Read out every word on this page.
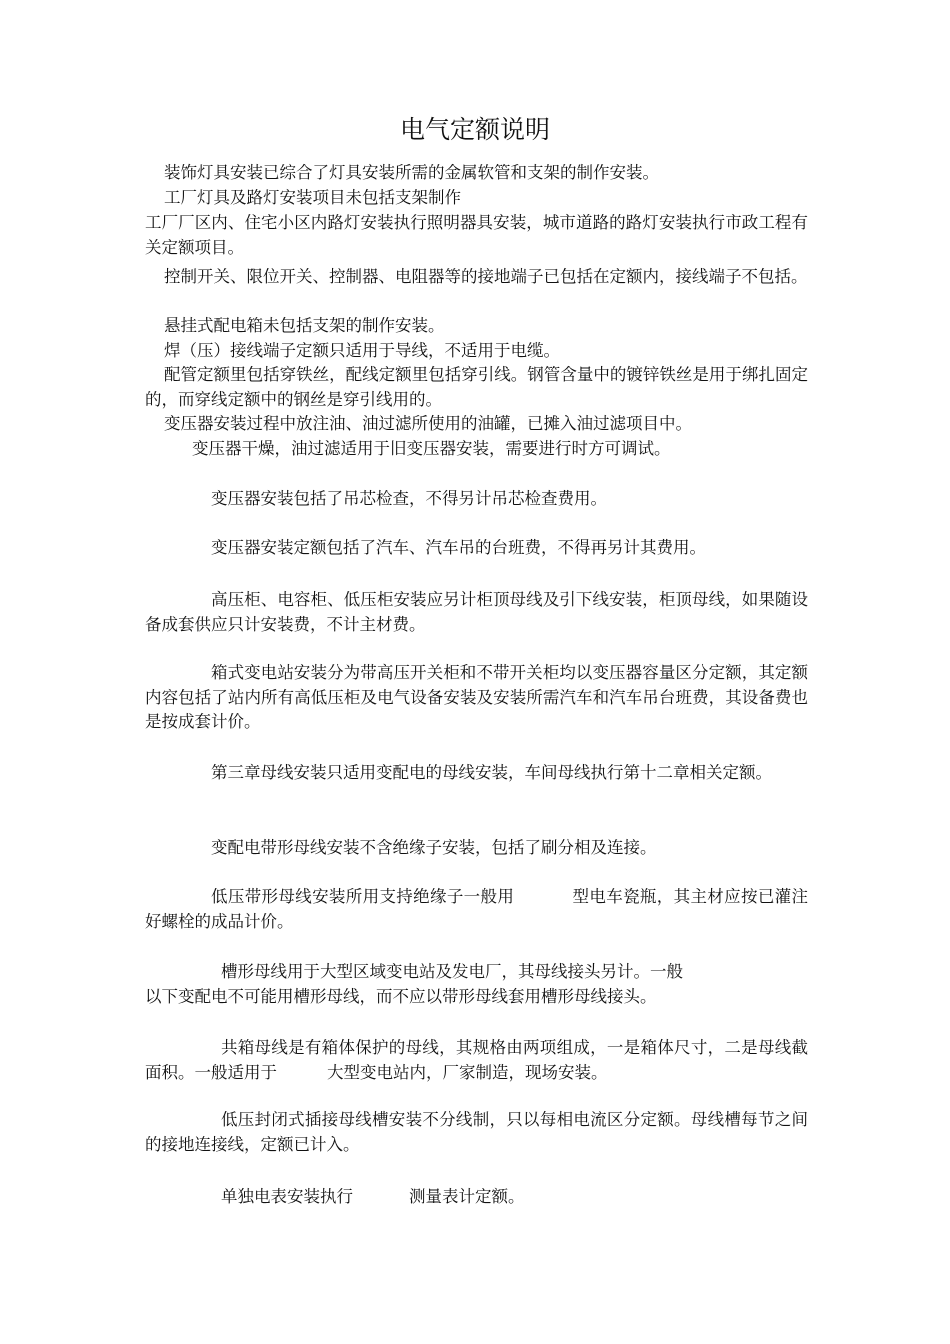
电气定额说明

装饰灯具安装已综合了灯具安装所需的金属软管和支架的制作安装。

工厂灯具及路灯安装项目未包括支架制作

工厂厂区内、住宅小区内路灯安装执行照明器具安装，城市道路的路灯安装执行市政工程有关定额项目。

控制开关、限位开关、控制器、电阻器等的接地端子已包括在定额内，接线端子不包括。

悬挂式配电箱未包括支架的制作安装。

焊（压）接线端子定额只适用于导线，不适用于电缆。

配管定额里包括穿铁丝，配线定额里包括穿引线。钢管含量中的镀锌铁丝是用于绑扎固定的，而穿线定额中的钢丝是穿引线用的。

变压器安装过程中放注油、油过滤所使用的油罐，已摊入油过滤项目中。

变压器干燥，油过滤适用于旧变压器安装，需要进行时方可调试。

变压器安装包括了吊芯检查，不得另计吊芯检查费用。

变压器安装定额包括了汽车、汽车吊的台班费，不得再另计其费用。

高压柜、电容柜、低压柜安装应另计柜顶母线及引下线安装，柜顶母线，如果随设备成套供应只计安装费，不计主材费。

箱式变电站安装分为带高压开关柜和不带开关柜均以变压器容量区分定额，其定额内容包括了站内所有高低压柜及电气设备安装及安装所需汽车和汽车吊台班费，其设备费也是按成套计价。

第三章母线安装只适用变配电的母线安装，车间母线执行第十二章相关定额。

变配电带形母线安装不含绝缘子安装，包括了刷分相及连接。

低压带形母线安装所用支持绝缘子一般用	型电车瓷瓶，其主材应按已灌注好螺栓的成品计价。

槽形母线用于大型区域变电站及发电厂，其母线接头另计。一般

以下变配电不可能用槽形母线，而不应以带形母线套用槽形母线接头。

共箱母线是有箱体保护的母线，其规格由两项组成，一是箱体尺寸，二是母线截面积。一般适用于	大型变电站内，厂家制造，现场安装。

低压封闭式插接母线槽安装不分线制，只以每相电流区分定额。母线槽每节之间的接地连接线，定额已计入。

单独电表安装执行	测量表计定额。
